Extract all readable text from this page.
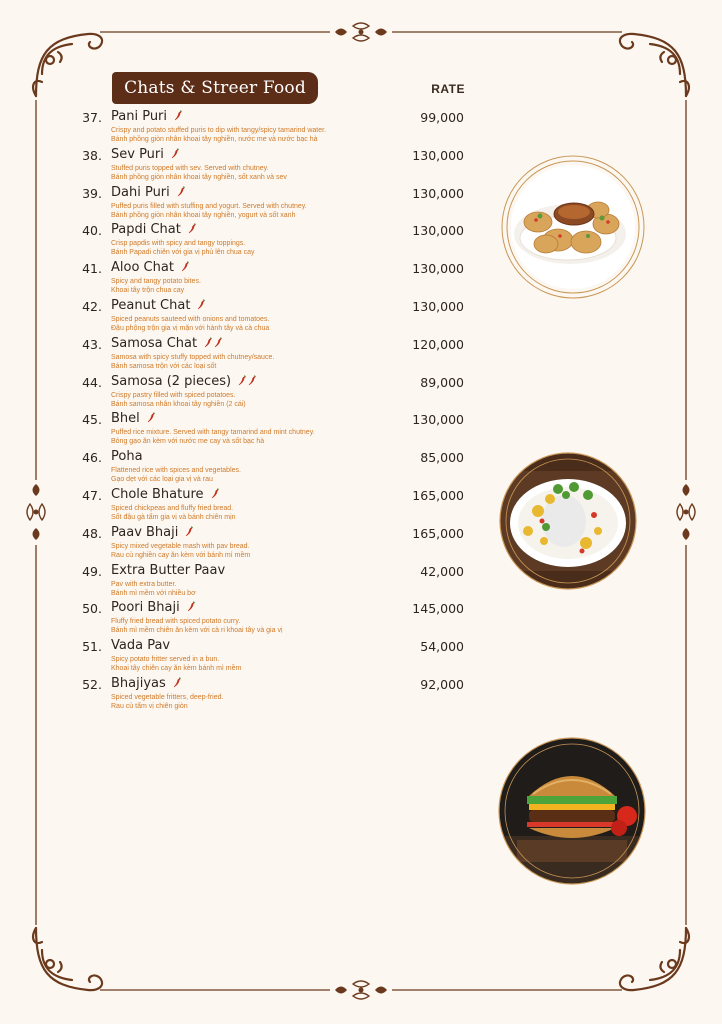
Chats & Streer Food	RATE
37. Pani Puri
Crispy and potato stuffed puris to dip with tangy/spicy tamarind water.
Bánh phồng giòn nhân khoai tây nghiền, nước me và nước bạc hà
99,000
38. Sev Puri
Stuffed puris topped with sev. Served with chutney.
Bánh phồng giòn nhân khoai tây nghiền, sốt xanh và sev
130,000
39. Dahi Puri
Puffed puris filled with stuffing and yogurt. Served with chutney.
Bánh phồng giòn nhân khoai tây nghiền, yogurt và sốt xanh
130,000
40. Papdi Chat
Crisp papdis with spicy and tangy toppings.
Bánh Papadi chiên với gia vị phủ lên chua cay
130,000
41. Aloo Chat
Spicy and tangy potato bites.
Khoai tây trộn chua cay
130,000
42. Peanut Chat
Spiced peanuts sauteed with onions and tomatoes.
Đậu phộng trộn gia vị mặn với hành tây và cà chua
130,000
43. Samosa Chat
Samosa with spicy stuffy topped with chutney/sauce.
Bánh samosa trộn với các loại sốt
120,000
44. Samosa (2 pieces)
Crispy pastry filled with spiced potatoes.
Bánh samosa nhân khoai tây nghiền (2 cái)
89,000
45. Bhel
Puffed rice mixture. Served with tangy tamarind and mint chutney.
Bỏng gạo ăn kèm với nước me cay và sốt bạc hà
130,000
46. Poha
Flattened rice with spices and vegetables.
Gạo dẹt với các loại gia vị và rau
85,000
47. Chole Bhature
Spiced chickpeas and fluffy fried bread.
Sốt đậu gà tẩm gia vị và bánh chiên mịn
165,000
48. Paav Bhaji
Spicy mixed vegetable mash with pav bread.
Rau củ nghiền cay ăn kèm với bánh mì mềm
165,000
49. Extra Butter Paav
Pav with extra butter.
Bánh mì mềm với nhiều bơ
42,000
50. Poori Bhaji
Fluffy fried bread with spiced potato curry.
Bánh mì mềm chiên ăn kèm với cà ri khoai tây và gia vị
145,000
51. Vada Pav
Spicy potato fritter served in a bun.
Khoai tây chiên cay ăn kèm bánh mì mềm
54,000
52. Bhajiyas
Spiced vegetable fritters, deep-fried.
Rau củ tẩm vị chiên giòn
92,000
